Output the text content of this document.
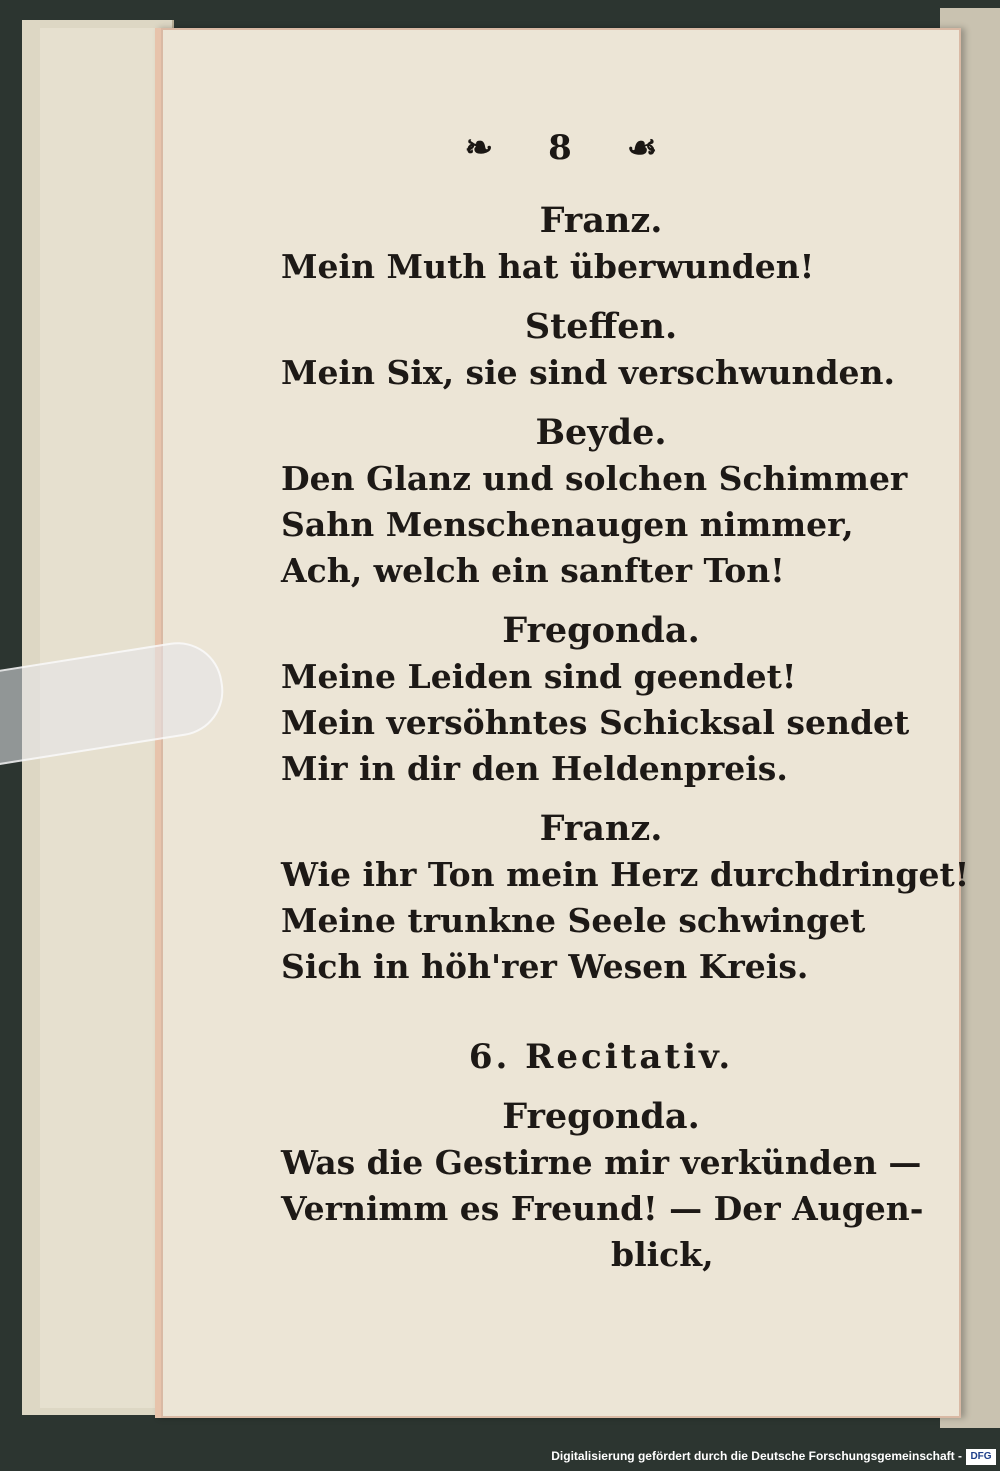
❧ 8 ☙
Franz.
Mein Muth hat überwunden!
Steffen.
Mein Six, sie sind verschwunden.
Beyde.
Den Glanz und solchen Schimmer
Sahn Menschenaugen nimmer,
Ach, welch ein sanfter Ton!
Fregonda.
Meine Leiden sind geendet!
Mein versöhntes Schicksal sendet
Mir in dir den Heldenpreis.
Franz.
Wie ihr Ton mein Herz durchdringet!
Meine trunkne Seele schwinget
Sich in höh'rer Wesen Kreis.
6. Recitativ.
Fregonda.
Was die Gestirne mir verkünden —
Vernimm es Freund! — Der Augen-
blick,
Digitalisierung gefördert durch die Deutsche Forschungsgemeinschaft - DFG
